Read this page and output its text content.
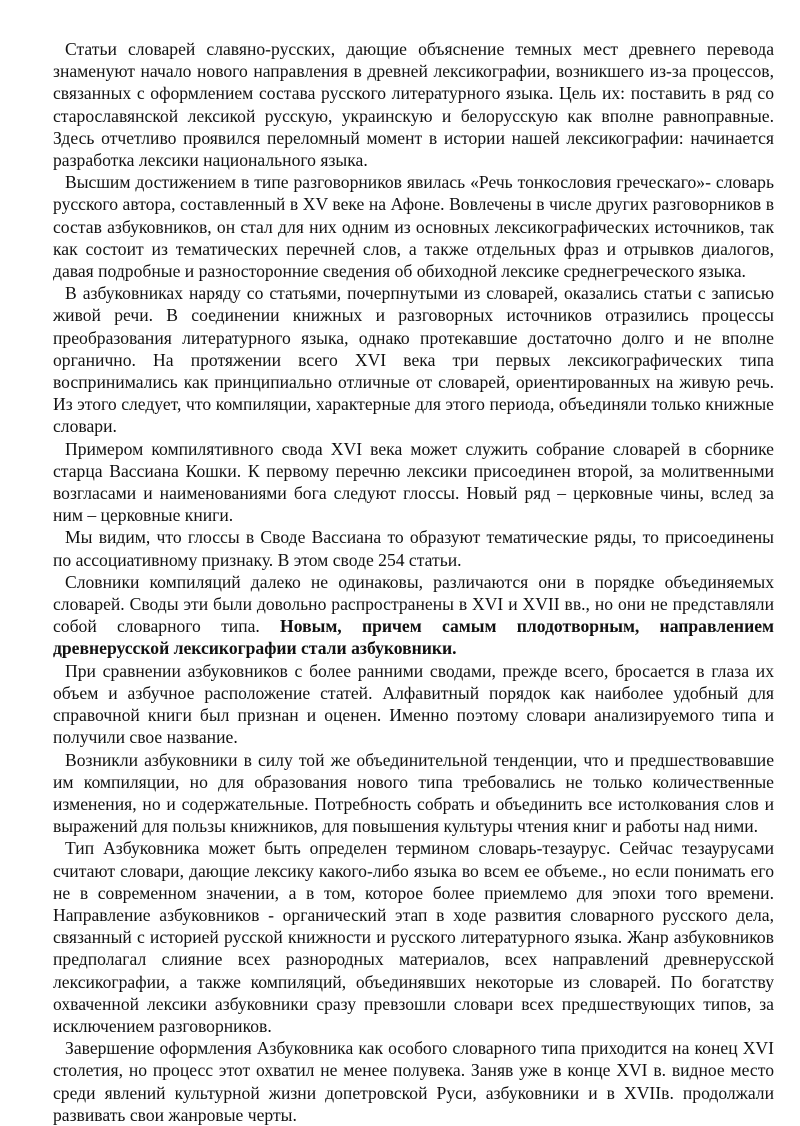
Статьи словарей славяно-русских, дающие объяснение темных мест древнего перевода знаменуют начало нового направления в древней лексикографии, возникшего из-за процессов, связанных с оформлением состава русского литературного языка. Цель их: поставить в ряд со старославянской лексикой русскую, украинскую и белорусскую как вполне равноправные. Здесь отчетливо проявился переломный момент в истории нашей лексикографии: начинается разработка лексики национального языка.

Высшим достижением в типе разговорников явилась «Речь тонкословия греческаго»- словарь русского автора, составленный в XV веке на Афоне. Вовлечены в числе других разговорников в состав азбуковников, он стал для них одним из основных лексикографических источников, так как состоит из тематических перечней слов, а также отдельных фраз и отрывков диалогов, давая подробные и разносторонние сведения об обиходной лексике среднегреческого языка.

В азбуковниках наряду со статьями, почерпнутыми из словарей, оказались статьи с записью живой речи. В соединении книжных и разговорных источников отразились процессы преобразования литературного языка, однако протекавшие достаточно долго и не вполне органично. На протяжении всего XVI века три первых лексикографических типа воспринимались как принципиально отличные от словарей, ориентированных на живую речь. Из этого следует, что компиляции, характерные для этого периода, объединяли только книжные словари.

Примером компилятивного свода XVI века может служить собрание словарей в сборнике старца Вассиана Кошки. К первому перечню лексики присоединен второй, за молитвенными возгласами и наименованиями бога следуют глоссы. Новый ряд – церковные чины, вслед за ним – церковные книги.

Мы видим, что глоссы в Своде Вассиана то образуют тематические ряды, то присоединены по ассоциативному признаку. В этом своде 254 статьи.

Словники компиляций далеко не одинаковы, различаются они в порядке объединяемых словарей. Своды эти были довольно распространены в XVI и XVII вв., но они не представляли собой словарного типа. Новым, причем самым плодотворным, направлением древнерусской лексикографии стали азбуковники.

При сравнении азбуковников с более ранними сводами, прежде всего, бросается в глаза их объем и азбучное расположение статей. Алфавитный порядок как наиболее удобный для справочной книги был признан и оценен. Именно поэтому словари анализируемого типа и получили свое название.

Возникли азбуковники в силу той же объединительной тенденции, что и предшествовавшие им компиляции, но для образования нового типа требовались не только количественные изменения, но и содержательные. Потребность собрать и объединить все истолкования слов и выражений для пользы книжников, для повышения культуры чтения книг и работы над ними.

Тип Азбуковника может быть определен термином словарь-тезаурус. Сейчас тезаурусами считают словари, дающие лексику какого-либо языка во всем ее объеме., но если понимать его не в современном значении, а в том, которое более приемлемо для эпохи того времени. Направление азбуковников - органический этап в ходе развития словарного русского дела, связанный с историей русской книжности и русского литературного языка. Жанр азбуковников предполагал слияние всех разнородных материалов, всех направлений древнерусской лексикографии, а также компиляций, объединявших некоторые из словарей. По богатству охваченной лексики азбуковники сразу превзошли словари всех предшествующих типов, за исключением разговорников.

Завершение оформления Азбуковника как особого словарного типа приходится на конец XVI столетия, но процесс этот охватил не менее полувека. Заняв уже в конце XVI в. видное место среди явлений культурной жизни допетровской Руси, азбуковники и в XVIIв. продолжали развивать свои жанровые черты.
